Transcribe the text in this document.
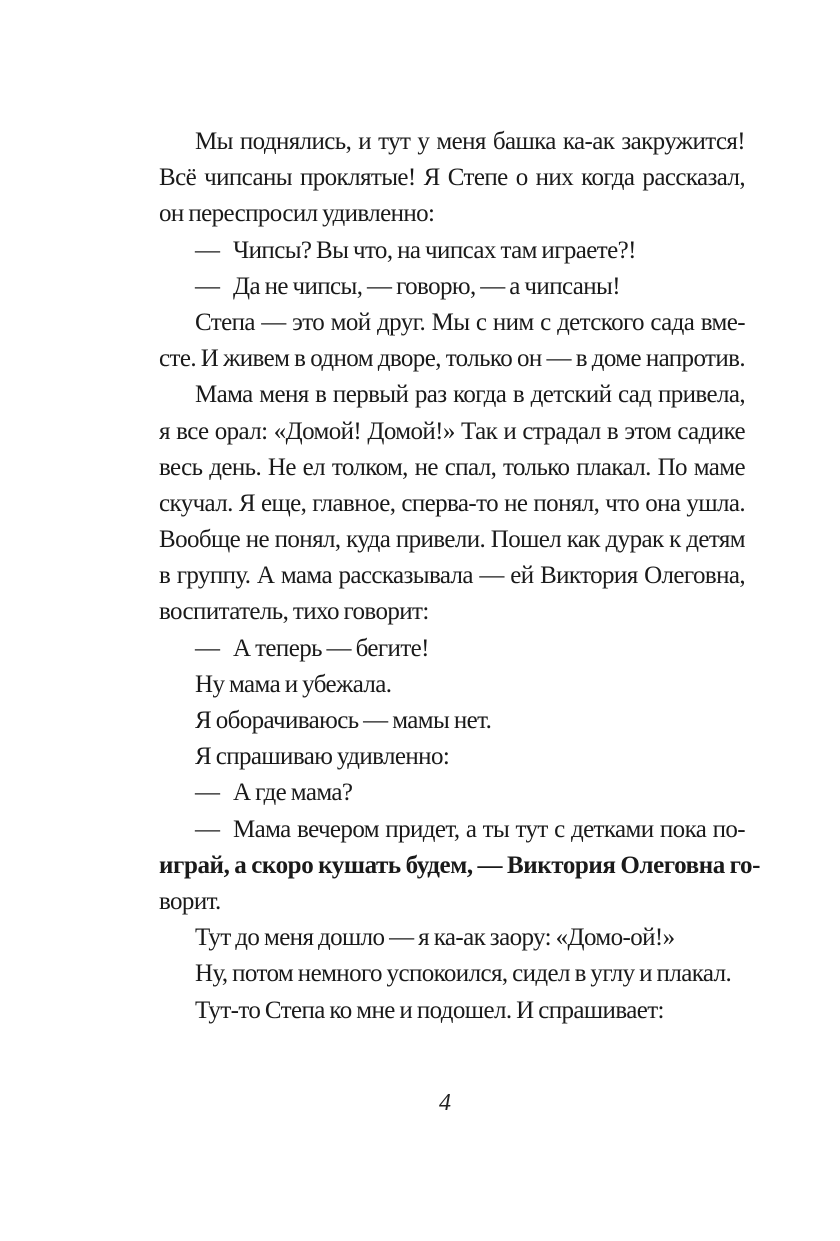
Мы поднялись, и тут у меня башка ка-ак закружится!
Всё чипсаны проклятые! Я Степе о них когда рассказал,
он переспросил удивленно:
— Чипсы? Вы что, на чипсах там играете?!
— Да не чипсы, — говорю, — а чипсаны!
Степа — это мой друг. Мы с ним с детского сада вме-
сте. И живем в одном дворе, только он — в доме напротив.
Мама меня в первый раз когда в детский сад привела,
я все орал: «Домой! Домой!» Так и страдал в этом садике
весь день. Не ел толком, не спал, только плакал. По маме
скучал. Я еще, главное, сперва-то не понял, что она ушла.
Вообще не понял, куда привели. Пошел как дурак к детям
в группу. А мама рассказывала — ей Виктория Олеговна,
воспитатель, тихо говорит:
— А теперь — бегите!
Ну мама и убежала.
Я оборачиваюсь — мамы нет.
Я спрашиваю удивленно:
— А где мама?
— Мама вечером придет, а ты тут с детками пока по-
играй, а скоро кушать будем, — Виктория Олеговна го-
ворит.
Тут до меня дошло — я ка-ак заору: «Домо-ой!»
Ну, потом немного успокоился, сидел в углу и плакал.
Тут-то Степа ко мне и подошел. И спрашивает:
4
